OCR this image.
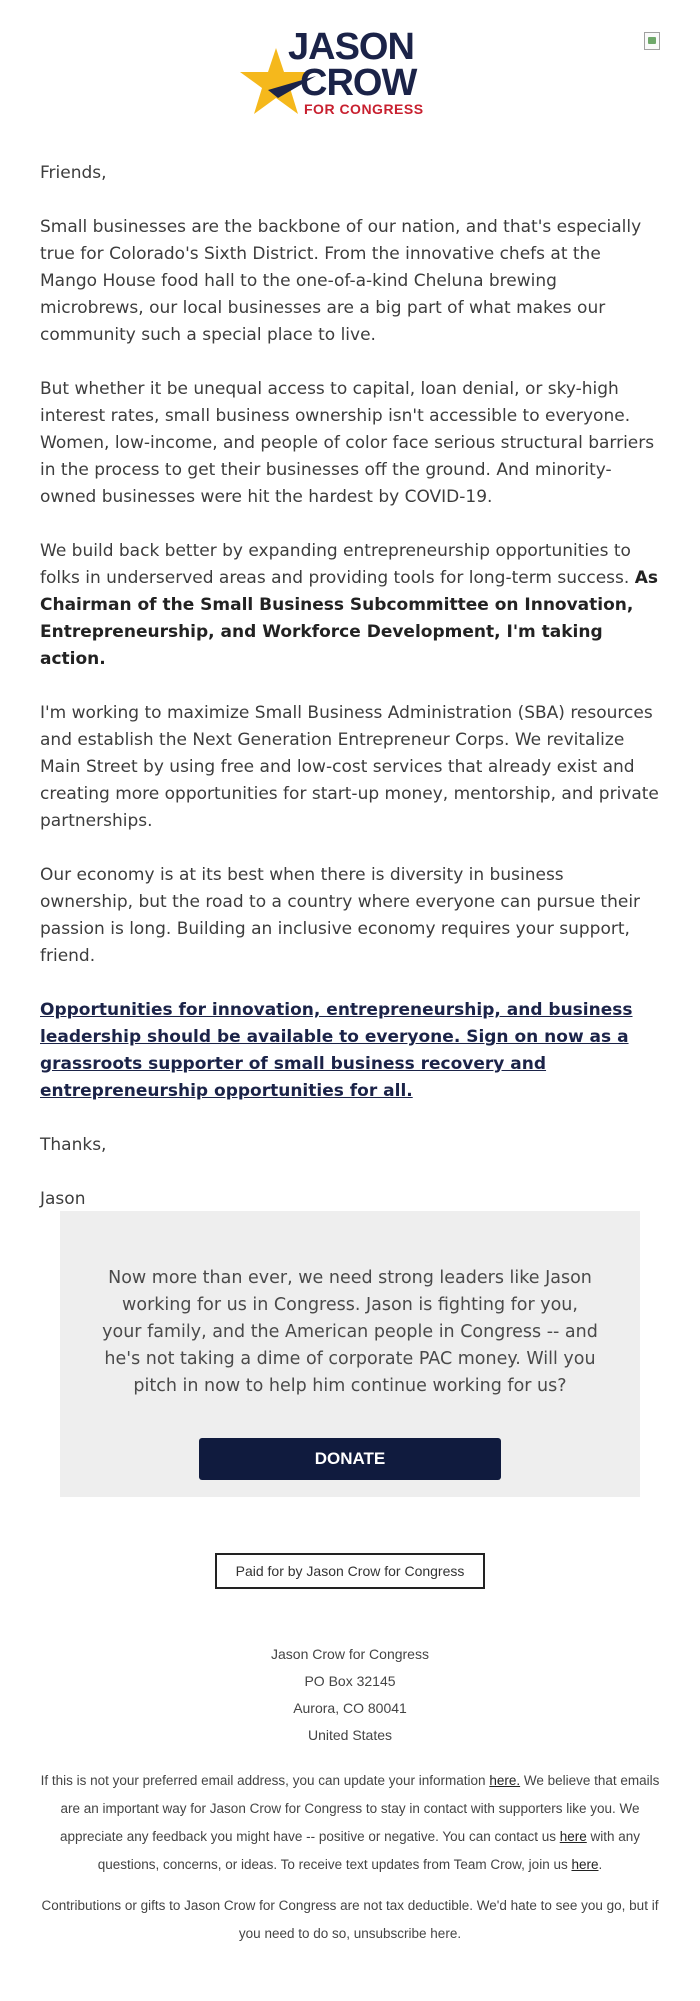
JASON
CROW
FOR CONGRESS

Friends,

Small businesses are the backbone of our nation, and that's especially true for Colorado's Sixth District. From the innovative chefs at the Mango House food hall to the one-of-a-kind Cheluna brewing microbrews, our local businesses are a big part of what makes our community such a special place to live.

But whether it be unequal access to capital, loan denial, or sky-high interest rates, small business ownership isn't accessible to everyone. Women, low-income, and people of color face serious structural barriers in the process to get their businesses off the ground. And minority-owned businesses were hit the hardest by COVID-19.

We build back better by expanding entrepreneurship opportunities to folks in underserved areas and providing tools for long-term success. As Chairman of the Small Business Subcommittee on Innovation, Entrepreneurship, and Workforce Development, I'm taking action.

I'm working to maximize Small Business Administration (SBA) resources and establish the Next Generation Entrepreneur Corps. We revitalize Main Street by using free and low-cost services that already exist and creating more opportunities for start-up money, mentorship, and private partnerships.

Our economy is at its best when there is diversity in business ownership, but the road to a country where everyone can pursue their passion is long. Building an inclusive economy requires your support, friend.

Opportunities for innovation, entrepreneurship, and business leadership should be available to everyone. Sign on now as a grassroots supporter of small business recovery and entrepreneurship opportunities for all.

Thanks,

Jason

Now more than ever, we need strong leaders like Jason working for us in Congress. Jason is fighting for you, your family, and the American people in Congress -- and he's not taking a dime of corporate PAC money. Will you pitch in now to help him continue working for us?
DONATE
Paid for by Jason Crow for Congress
Jason Crow for Congress
PO Box 32145
Aurora, CO 80041
United States
If this is not your preferred email address, you can update your information here. We believe that emails are an important way for Jason Crow for Congress to stay in contact with supporters like you. We appreciate any feedback you might have -- positive or negative. You can contact us here with any questions, concerns, or ideas. To receive text updates from Team Crow, join us here.
Contributions or gifts to Jason Crow for Congress are not tax deductible. We'd hate to see you go, but if you need to do so, unsubscribe here.
